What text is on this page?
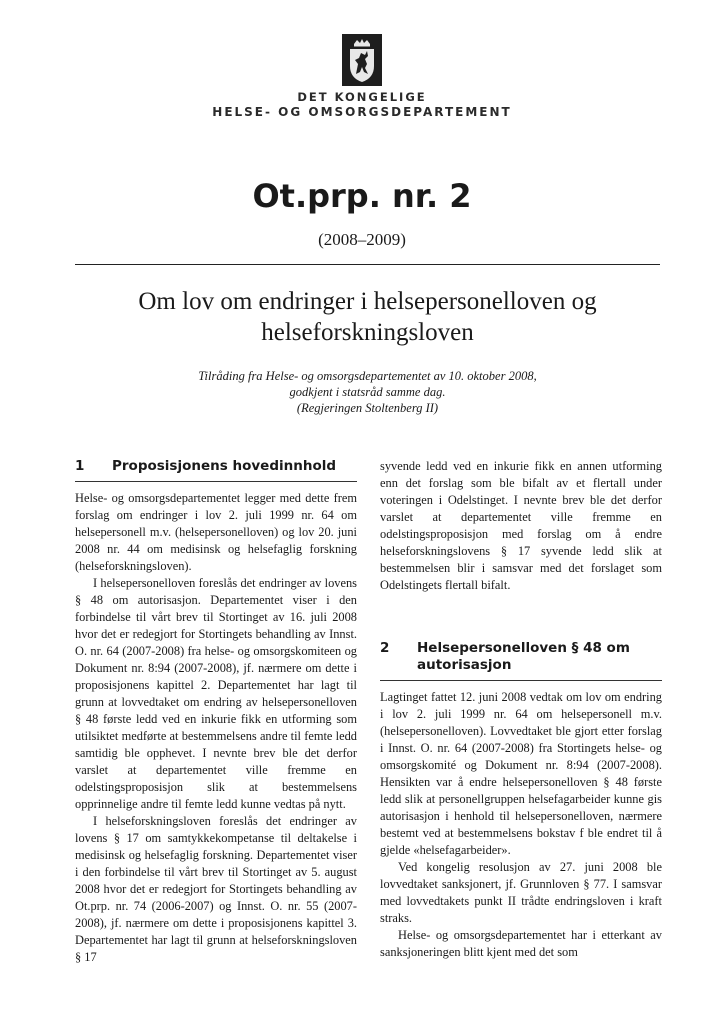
DET KONGELIGE
HELSE- OG OMSORGSDEPARTEMENT
Ot.prp. nr. 2
(2008–2009)
Om lov om endringer i helsepersonelloven og helseforskningsloven
Tilråding fra Helse- og omsorgsdepartementet av 10. oktober 2008,
godkjent i statsråd samme dag.
(Regjeringen Stoltenberg II)
1	Proposisjonens hovedinnhold

Helse- og omsorgsdepartementet legger med dette frem forslag om endringer i lov 2. juli 1999 nr. 64 om helsepersonell m.v. (helsepersonelloven) og lov 20. juni 2008 nr. 44 om medisinsk og helsefaglig forskning (helseforskningsloven).

I helsepersonelloven foreslås det endringer av lovens § 48 om autorisasjon. Departementet viser i den forbindelse til vårt brev til Stortinget av 16. juli 2008 hvor det er redegjort for Stortingets behandling av Innst. O. nr. 64 (2007-2008) fra helse- og omsorgskomiteen og Dokument nr. 8:94 (2007-2008), jf. nærmere om dette i proposisjonens kapittel 2. Departementet har lagt til grunn at lovvedtaket om endring av helsepersonelloven § 48 første ledd ved en inkurie fikk en utforming som utilsiktet medførte at bestemmelsens andre til femte ledd samtidig ble opphevet. I nevnte brev ble det derfor varslet at departementet ville fremme en odelstingsproposisjon slik at bestemmelsens opprinnelige andre til femte ledd kunne vedtas på nytt.

I helseforskningsloven foreslås det endringer av lovens § 17 om samtykkekompetanse til deltakelse i medisinsk og helsefaglig forskning. Departementet viser i den forbindelse til vårt brev til Stortinget av 5. august 2008 hvor det er redegjort for Stortingets behandling av Ot.prp. nr. 74 (2006-2007) og Innst. O. nr. 55 (2007-2008), jf. nærmere om dette i proposisjonens kapittel 3. Departementet har lagt til grunn at helseforskningsloven § 17

syvende ledd ved en inkurie fikk en annen utforming enn det forslag som ble bifalt av et flertall under voteringen i Odelstinget. I nevnte brev ble det derfor varslet at departementet ville fremme en odelstingsproposisjon med forslag om å endre helseforskningslovens § 17 syvende ledd slik at bestemmelsen blir i samsvar med det forslaget som Odelstingets flertall bifalt.

2	Helsepersonelloven § 48 om autorisasjon

Lagtinget fattet 12. juni 2008 vedtak om lov om endring i lov 2. juli 1999 nr. 64 om helsepersonell m.v. (helsepersonelloven). Lovvedtaket ble gjort etter forslag i Innst. O. nr. 64 (2007-2008) fra Stortingets helse- og omsorgskomité og Dokument nr. 8:94 (2007-2008). Hensikten var å endre helsepersonelloven § 48 første ledd slik at personellgruppen helsefagarbeider kunne gis autorisasjon i henhold til helsepersonelloven, nærmere bestemt ved at bestemmelsens bokstav f ble endret til å gjelde «helsefagarbeider».

Ved kongelig resolusjon av 27. juni 2008 ble lovvedtaket sanksjonert, jf. Grunnloven § 77. I samsvar med lovvedtakets punkt II trådte endringsloven i kraft straks.

Helse- og omsorgsdepartementet har i etterkant av sanksjoneringen blitt kjent med det som
